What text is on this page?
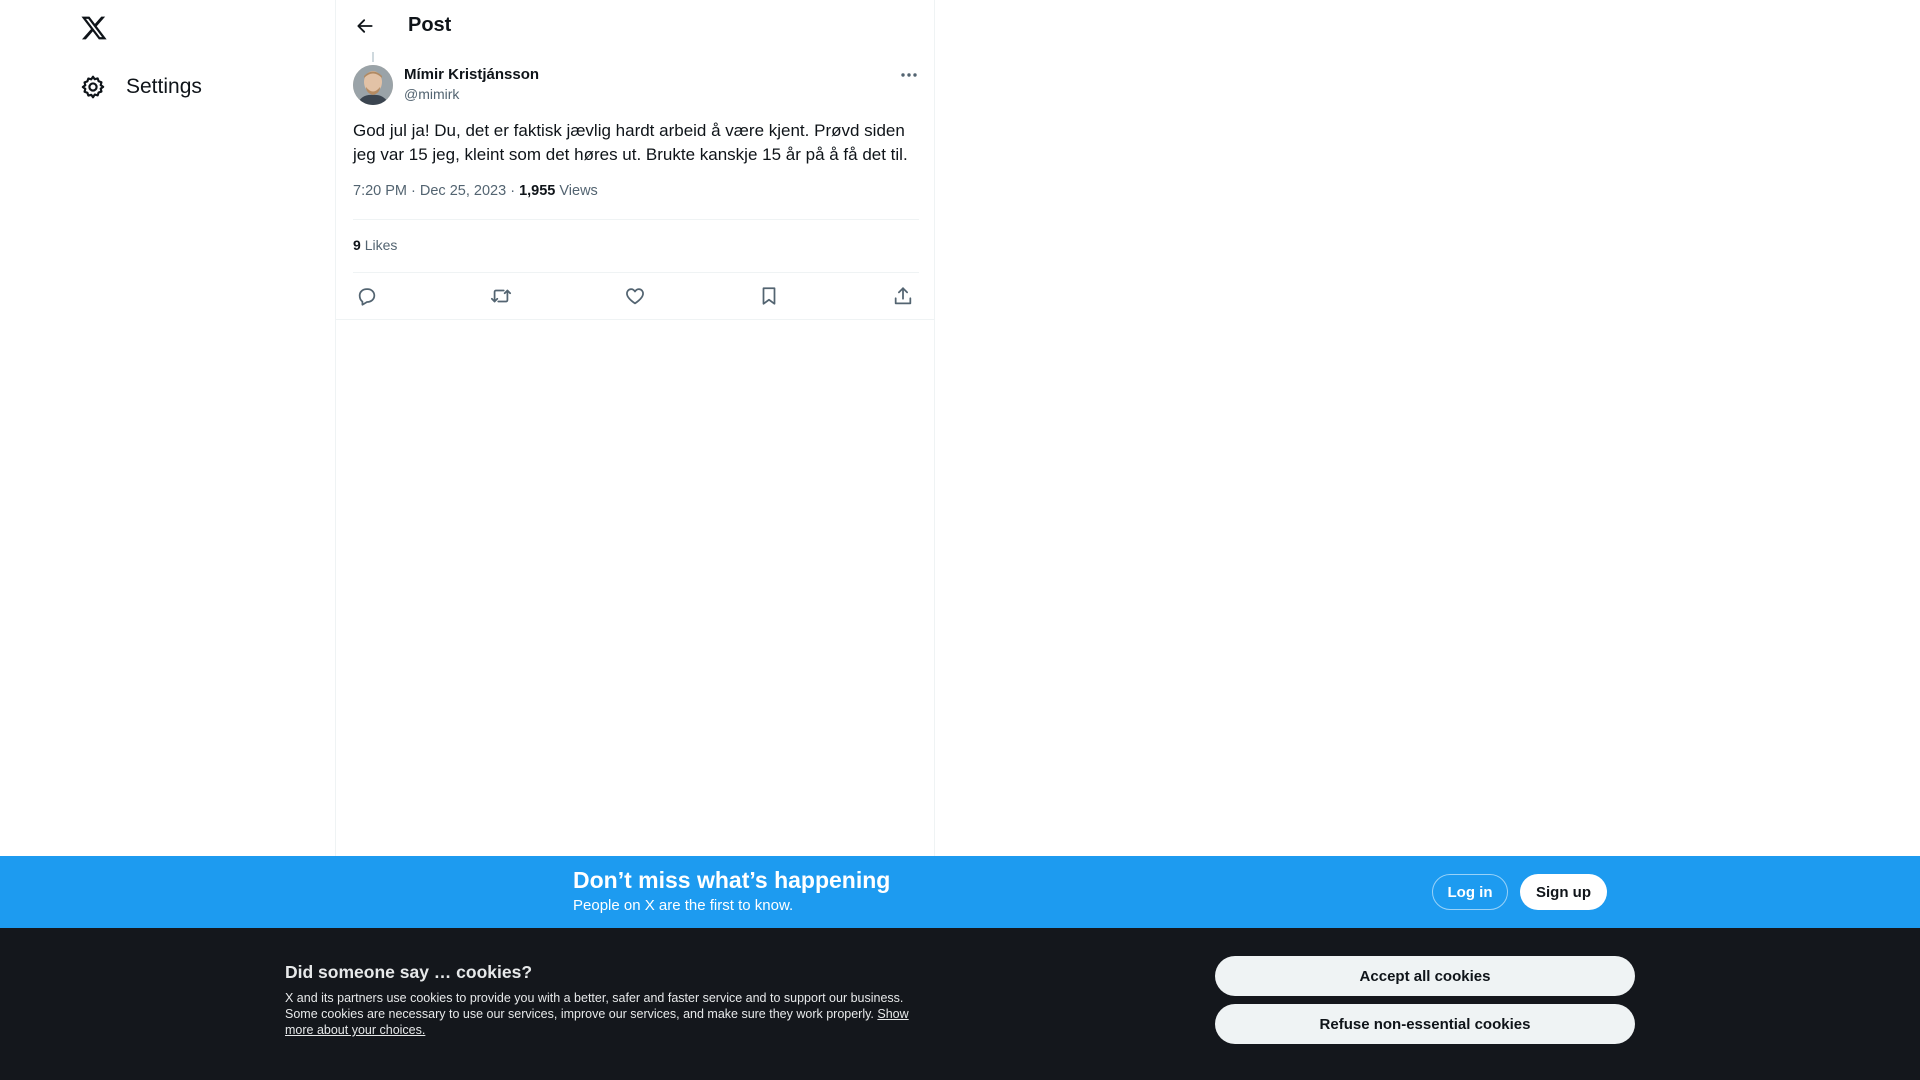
Settings
Post
Mímir Kristjánsson
@mimirk
God jul ja! Du, det er faktisk jævlig hardt arbeid å være kjent. Prøvd siden jeg var 15 jeg, kleint som det høres ut. Brukte kanskje 15 år på å få det til.
7:20 PM · Dec 25, 2023 · 1,955 Views
9 Likes
Don’t miss what’s happening
People on X are the first to know.
Log in	Sign up
Did someone say … cookies?
X and its partners use cookies to provide you with a better, safer and faster service and to support our business. Some cookies are necessary to use our services, improve our services, and make sure they work properly. Show more about your choices.
Accept all cookies
Refuse non-essential cookies
